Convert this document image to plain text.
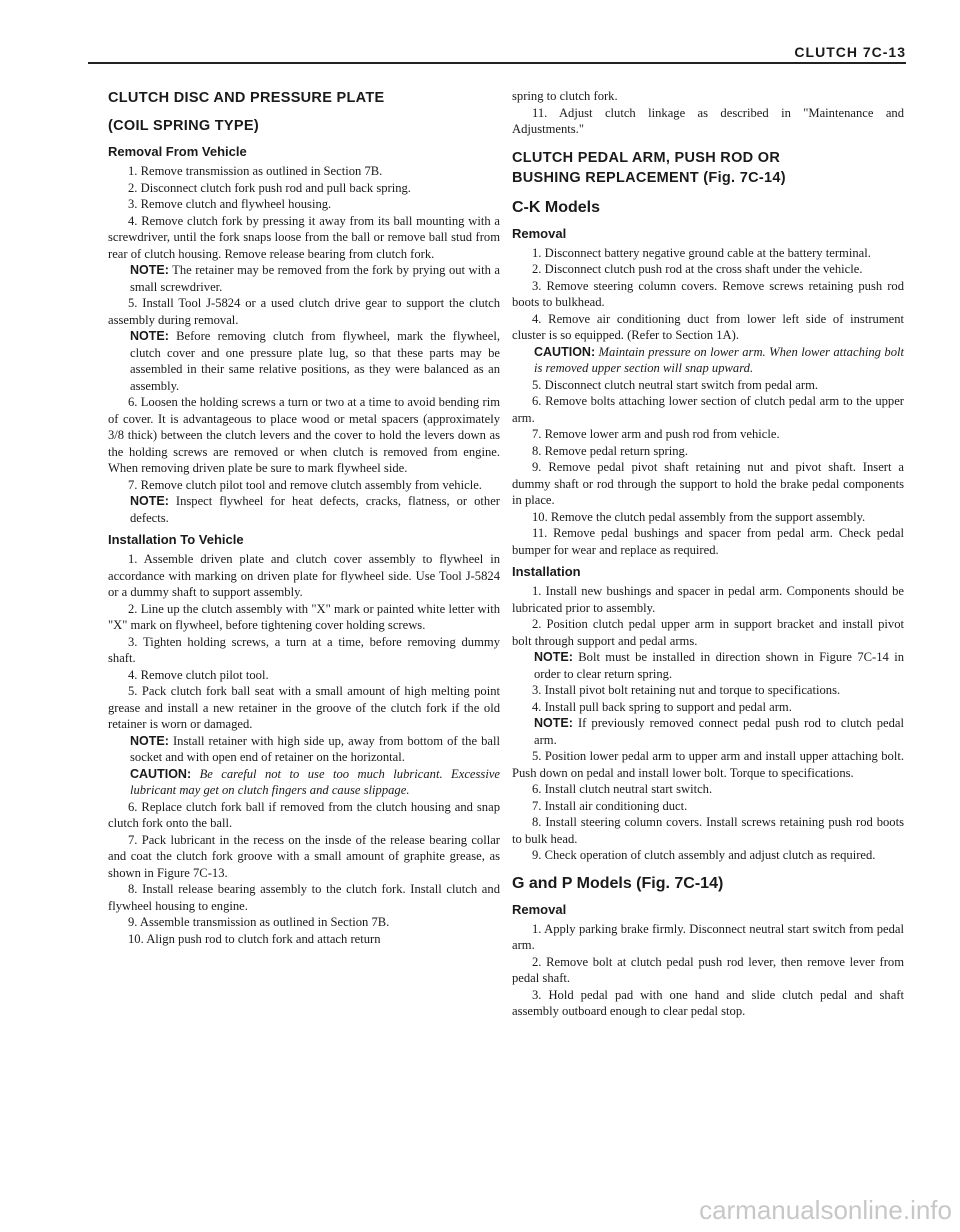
CLUTCH 7C-13
CLUTCH DISC AND PRESSURE PLATE
(COIL SPRING TYPE)
Removal From Vehicle

1. Remove transmission as outlined in Section 7B.

2. Disconnect clutch fork push rod and pull back spring.

3. Remove clutch and flywheel housing.

4. Remove clutch fork by pressing it away from its ball mounting with a screwdriver, until the fork snaps loose from the ball or remove ball stud from rear of clutch housing. Remove release bearing from clutch fork.

NOTE: The retainer may be removed from the fork by prying out with a small screwdriver.

5. Install Tool J-5824 or a used clutch drive gear to support the clutch assembly during removal.

NOTE: Before removing clutch from flywheel, mark the flywheel, clutch cover and one pressure plate lug, so that these parts may be assembled in their same relative positions, as they were balanced as an assembly.

6. Loosen the holding screws a turn or two at a time to avoid bending rim of cover. It is advantageous to place wood or metal spacers (approximately 3/8 thick) between the clutch levers and the cover to hold the levers down as the holding screws are removed or when clutch is removed from engine. When removing driven plate be sure to mark flywheel side.

7. Remove clutch pilot tool and remove clutch assembly from vehicle.

NOTE: Inspect flywheel for heat defects, cracks, flatness, or other defects.

Installation To Vehicle

1. Assemble driven plate and clutch cover assembly to flywheel in accordance with marking on driven plate for flywheel side. Use Tool J-5824 or a dummy shaft to support assembly.

2. Line up the clutch assembly with "X" mark or painted white letter with "X" mark on flywheel, before tightening cover holding screws.

3. Tighten holding screws, a turn at a time, before removing dummy shaft.

4. Remove clutch pilot tool.

5. Pack clutch fork ball seat with a small amount of high melting point grease and install a new retainer in the groove of the clutch fork if the old retainer is worn or damaged.

NOTE: Install retainer with high side up, away from bottom of the ball socket and with open end of retainer on the horizontal.

CAUTION: Be careful not to use too much lubricant. Excessive lubricant may get on clutch fingers and cause slippage.

6. Replace clutch fork ball if removed from the clutch housing and snap clutch fork onto the ball.

7. Pack lubricant in the recess on the insde of the release bearing collar and coat the clutch fork groove with a small amount of graphite grease, as shown in Figure 7C-13.

8. Install release bearing assembly to the clutch fork. Install clutch and flywheel housing to engine.

9. Assemble transmission as outlined in Section 7B.

10. Align push rod to clutch fork and attach return

spring to clutch fork.

11. Adjust clutch linkage as described in "Maintenance and Adjustments."

CLUTCH PEDAL ARM, PUSH ROD OR
BUSHING REPLACEMENT (Fig. 7C-14)
C-K Models
Removal

1. Disconnect battery negative ground cable at the battery terminal.

2. Disconnect clutch push rod at the cross shaft under the vehicle.

3. Remove steering column covers. Remove screws retaining push rod boots to bulkhead.

4. Remove air conditioning duct from lower left side of instrument cluster is so equipped. (Refer to Section 1A).

CAUTION: Maintain pressure on lower arm. When lower attaching bolt is removed upper section will snap upward.

5. Disconnect clutch neutral start switch from pedal arm.

6. Remove bolts attaching lower section of clutch pedal arm to the upper arm.

7. Remove lower arm and push rod from vehicle.

8. Remove pedal return spring.

9. Remove pedal pivot shaft retaining nut and pivot shaft. Insert a dummy shaft or rod through the support to hold the brake pedal components in place.

10. Remove the clutch pedal assembly from the support assembly.

11. Remove pedal bushings and spacer from pedal arm. Check pedal bumper for wear and replace as required.

Installation

1. Install new bushings and spacer in pedal arm. Components should be lubricated prior to assembly.

2. Position clutch pedal upper arm in support bracket and install pivot bolt through support and pedal arms.

NOTE: Bolt must be installed in direction shown in Figure 7C-14 in order to clear return spring.

3. Install pivot bolt retaining nut and torque to specifications.

4. Install pull back spring to support and pedal arm.

NOTE: If previously removed connect pedal push rod to clutch pedal arm.

5. Position lower pedal arm to upper arm and install upper attaching bolt. Push down on pedal and install lower bolt. Torque to specifications.

6. Install clutch neutral start switch.

7. Install air conditioning duct.

8. Install steering column covers. Install screws retaining push rod boots to bulk head.

9. Check operation of clutch assembly and adjust clutch as required.

G and P Models (Fig. 7C-14)
Removal

1. Apply parking brake firmly. Disconnect neutral start switch from pedal arm.

2. Remove bolt at clutch pedal push rod lever, then remove lever from pedal shaft.

3. Hold pedal pad with one hand and slide clutch pedal and shaft assembly outboard enough to clear pedal stop.

carmanualsonline.info
